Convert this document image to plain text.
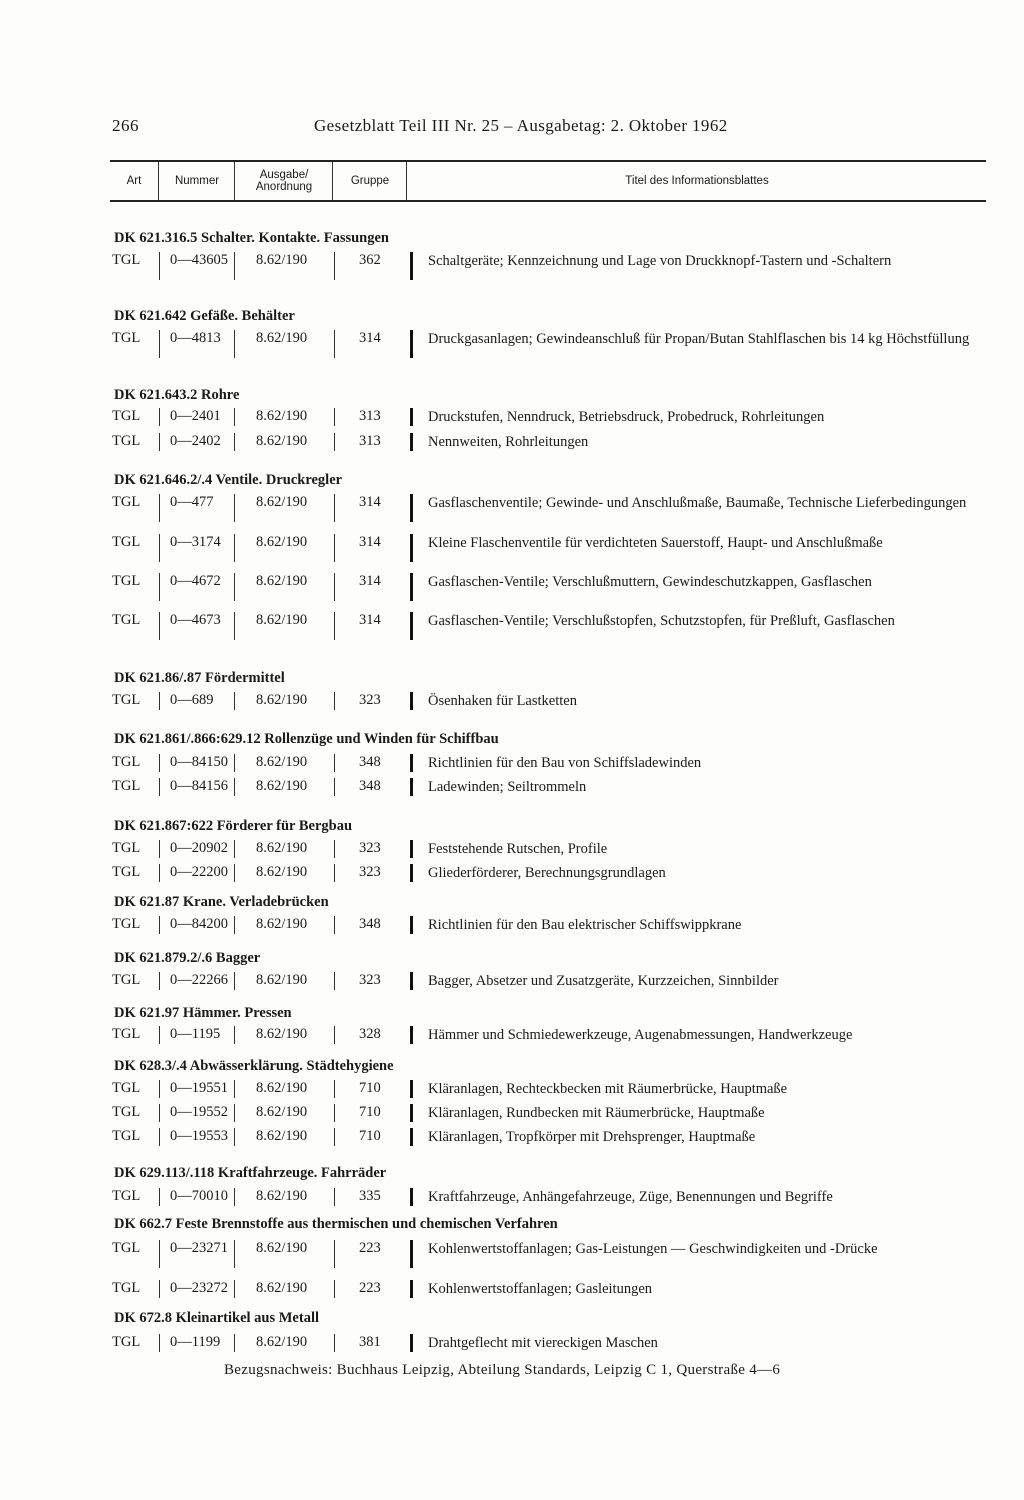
266	Gesetzblatt Teil III Nr. 25 – Ausgabetag: 2. Oktober 1962
Art	Nummer	Ausgabe/ Anordnung	Gruppe	Titel des Informationsblattes
DK 621.316.5 Schalter. Kontakte. Fassungen
TGL	0—43605 8.62/190	362	Schaltgeräte; Kennzeichnung und Lage von Druckknopf-Tastern und -Schaltern
DK 621.642 Gefäße. Behälter
TGL	0—4813 8.62/190	314	Druckgasanlagen; Gewindeanschluß für Propan/Butan Stahlflaschen bis 14 kg Höchstfüllung
DK 621.643.2 Rohre
TGL	0—2401 8.62/190	313	Druckstufen, Nenndruck, Betriebsdruck, Probedruck, Rohrleitungen
TGL	0—2402 8.62/190	313	Nennweiten, Rohrleitungen
DK 621.646.2/.4 Ventile. Druckregler
TGL	0—477	8.62/190	314	Gasflaschenventile; Gewinde- und Anschlußmaße, Baumaße, Technische Lieferbedingungen
TGL	0—3174 8.62/190	314	Kleine Flaschenventile für verdichteten Sauerstoff, Haupt- und Anschlußmaße
TGL	0—4672 8.62/190	314	Gasflaschen-Ventile; Verschlußmuttern, Gewindeschutzkappen, Gasflaschen
TGL	0—4673 8.62/190	314	Gasflaschen-Ventile; Verschlußstopfen, Schutzstopfen, für Preßluft, Gasflaschen
DK 621.86/.87 Fördermittel
TGL	0—689	8.62/190	323	Ösenhaken für Lastketten
DK 621.861/.866:629.12 Rollenzüge und Winden für Schiffbau
TGL	0—84150 8.62/190	348	Richtlinien für den Bau von Schiffsladewinden
TGL	0—84156 8.62/190	348	Ladewinden; Seiltrommeln
DK 621.867:622 Förderer für Bergbau
TGL	0—20902 8.62/190	323	Feststehende Rutschen, Profile
TGL	0—22200 8.62/190	323	Gliederförderer, Berechnungsgrundlagen
DK 621.87 Krane. Verladebrücken
TGL	0—84200 8.62/190	348	Richtlinien für den Bau elektrischer Schiffswippkrane
DK 621.879.2/.6 Bagger
TGL	0—22266 8.62/190	323	Bagger, Absetzer und Zusatzgeräte, Kurzzeichen, Sinnbilder
DK 621.97 Hämmer. Pressen
TGL	0—1195 8.62/190	328	Hämmer und Schmiedewerkzeuge, Augenabmessungen, Handwerkzeuge
DK 628.3/.4 Abwässerklärung. Städtehygiene
TGL	0—19551 8.62/190	710	Kläranlagen, Rechteckbecken mit Räumerbrücke, Hauptmaße
TGL	0—19552 8.62/190	710	Kläranlagen, Rundbecken mit Räumerbrücke, Hauptmaße
TGL	0—19553 8.62/190	710	Kläranlagen, Tropfkörper mit Drehsprenger, Hauptmaße
DK 629.113/.118 Kraftfahrzeuge. Fahrräder
TGL	0—70010 8.62/190	335	Kraftfahrzeuge, Anhängefahrzeuge, Züge, Benennungen und Begriffe
DK 662.7 Feste Brennstoffe aus thermischen und chemischen Verfahren
TGL	0—23271 8.62/190	223	Kohlenwertstoffanlagen; Gas-Leistungen — Geschwindigkeiten und -Drücke
TGL	0—23272 8.62/190	223	Kohlenwertstoffanlagen; Gasleitungen
DK 672.8 Kleinartikel aus Metall
TGL	0—1199 8.62/190	381	Drahtgeflecht mit viereckigen Maschen
Bezugsnachweis: Buchhaus Leipzig, Abteilung Standards, Leipzig C 1, Querstraße 4—6
